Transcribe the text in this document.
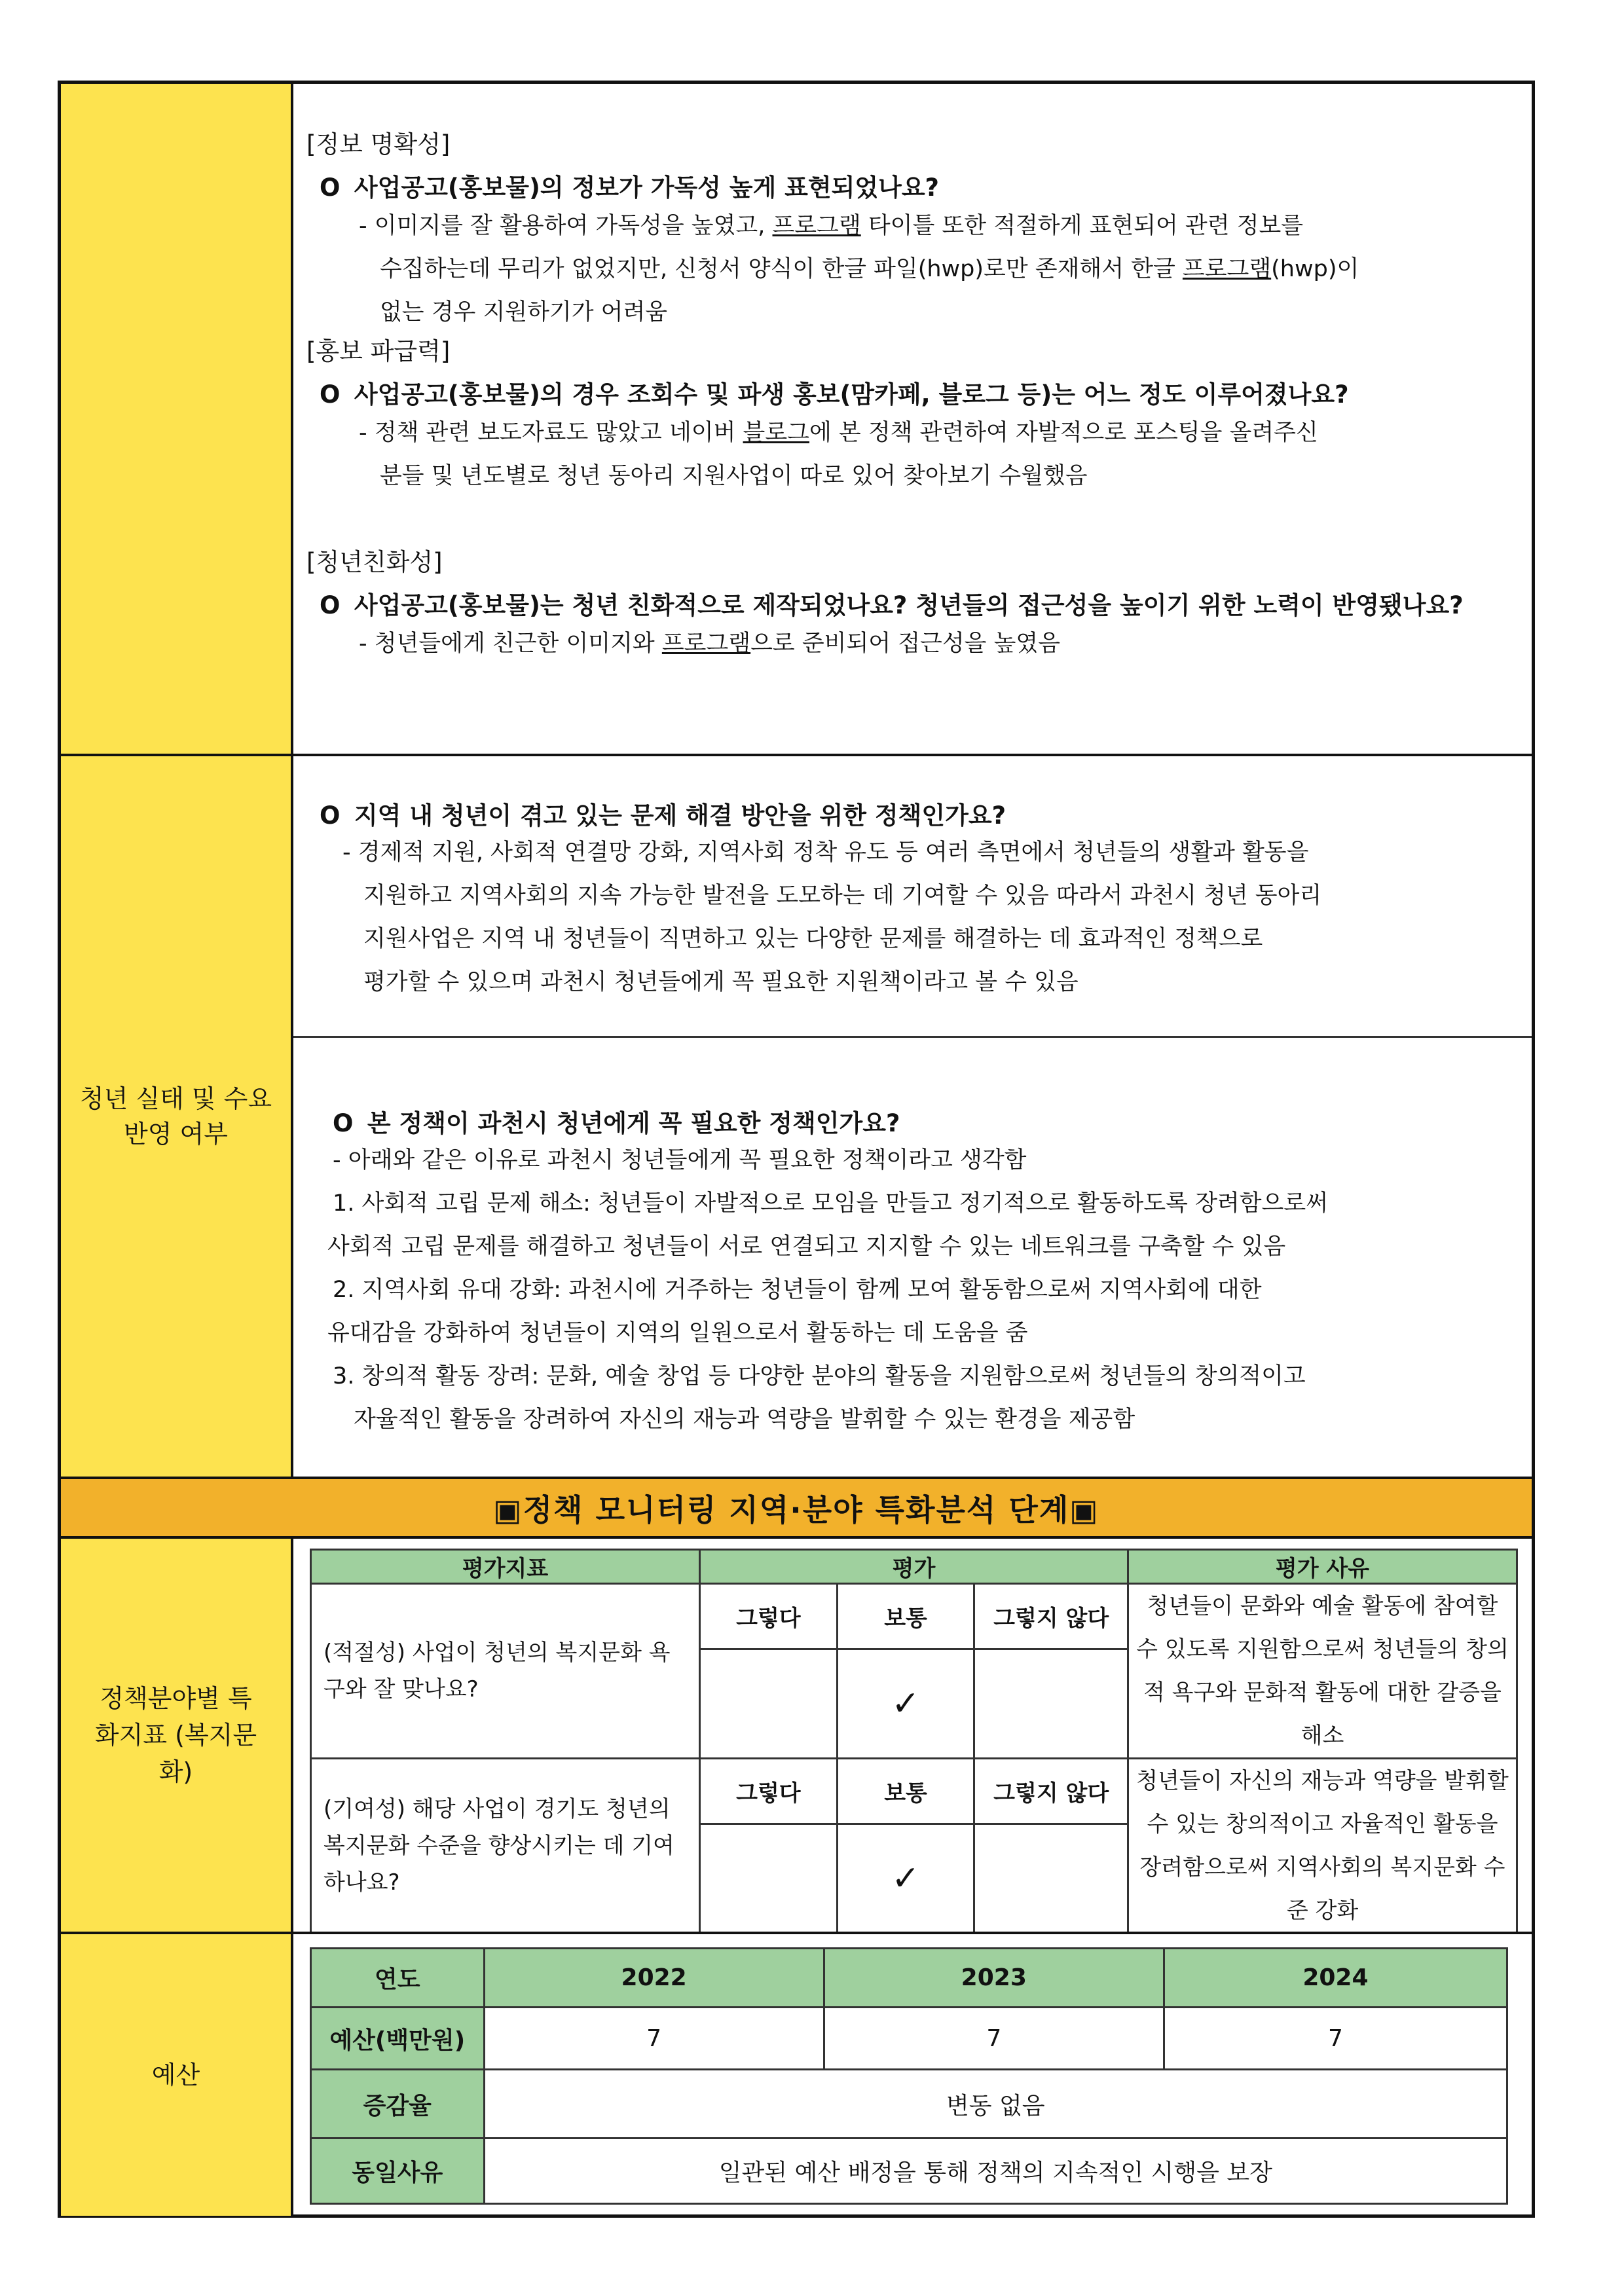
[정보 명확성]

O 사업공고(홍보물)의 정보가 가독성 높게 표현되었나요?

- 이미지를 잘 활용하여 가독성을 높였고, 프로그램 타이틀 또한 적절하게 표현되어 관련 정보를

수집하는데 무리가 없었지만, 신청서 양식이 한글 파일(hwp)로만 존재해서 한글 프로그램(hwp)이

없는 경우 지원하기가 어려움

[홍보 파급력]

O 사업공고(홍보물)의 경우 조회수 및 파생 홍보(맘카페, 블로그 등)는 어느 정도 이루어졌나요?

- 정책 관련 보도자료도 많았고 네이버 블로그에 본 정책 관련하여 자발적으로 포스팅을 올려주신

분들 및 년도별로 청년 동아리 지원사업이 따로 있어 찾아보기 수월했음

[청년친화성]

O 사업공고(홍보물)는 청년 친화적으로 제작되었나요? 청년들의 접근성을 높이기 위한 노력이 반영됐나요?

- 청년들에게 친근한 이미지와 프로그램으로 준비되어 접근성을 높였음

청년 실태 및 수요 반영 여부

O 지역 내 청년이 겪고 있는 문제 해결 방안을 위한 정책인가요?

- 경제적 지원, 사회적 연결망 강화, 지역사회 정착 유도 등 여러 측면에서 청년들의 생활과 활동을

지원하고 지역사회의 지속 가능한 발전을 도모하는 데 기여할 수 있음 따라서 과천시 청년 동아리

지원사업은 지역 내 청년들이 직면하고 있는 다양한 문제를 해결하는 데 효과적인 정책으로

평가할 수 있으며 과천시 청년들에게 꼭 필요한 지원책이라고 볼 수 있음

O 본 정책이 과천시 청년에게 꼭 필요한 정책인가요?

- 아래와 같은 이유로 과천시 청년들에게 꼭 필요한 정책이라고 생각함

1. 사회적 고립 문제 해소: 청년들이 자발적으로 모임을 만들고 정기적으로 활동하도록 장려함으로써

사회적 고립 문제를 해결하고 청년들이 서로 연결되고 지지할 수 있는 네트워크를 구축할 수 있음

2. 지역사회 유대 강화: 과천시에 거주하는 청년들이 함께 모여 활동함으로써 지역사회에 대한

유대감을 강화하여 청년들이 지역의 일원으로서 활동하는 데 도움을 줌

3. 창의적 활동 장려: 문화, 예술 창업 등 다양한 분야의 활동을 지원함으로써 청년들의 창의적이고

자율적인 활동을 장려하여 자신의 재능과 역량을 발휘할 수 있는 환경을 제공함

▣정책 모니터링 지역·분야 특화분석 단계▣
정책분야별 특화지표 (복지문화)
평가지표	평가			평가 사유
(적절성) 사업이 청년의 복지문화 욕구와 잘 맞나요?	그렇다	보통	그렇지 않다	청년들이 문화와 예술 활동에 참여할 수 있도록 지원함으로써 청년들의 창의적 욕구와 문화적 활동에 대한 갈증을 해소
		✓		
(기여성) 해당 사업이 경기도 청년의 복지문화 수준을 향상시키는 데 기여하나요?	그렇다	보통	그렇지 않다	청년들이 자신의 재능과 역량을 발휘할 수 있는 창의적이고 자율적인 활동을 장려함으로써 지역사회의 복지문화 수준 강화
		✓		
예산
연도	2022	2023	2024
예산(백만원)	7	7	7
증감율	변동 없음		
동일사유	일관된 예산 배정을 통해 정책의 지속적인 시행을 보장		
